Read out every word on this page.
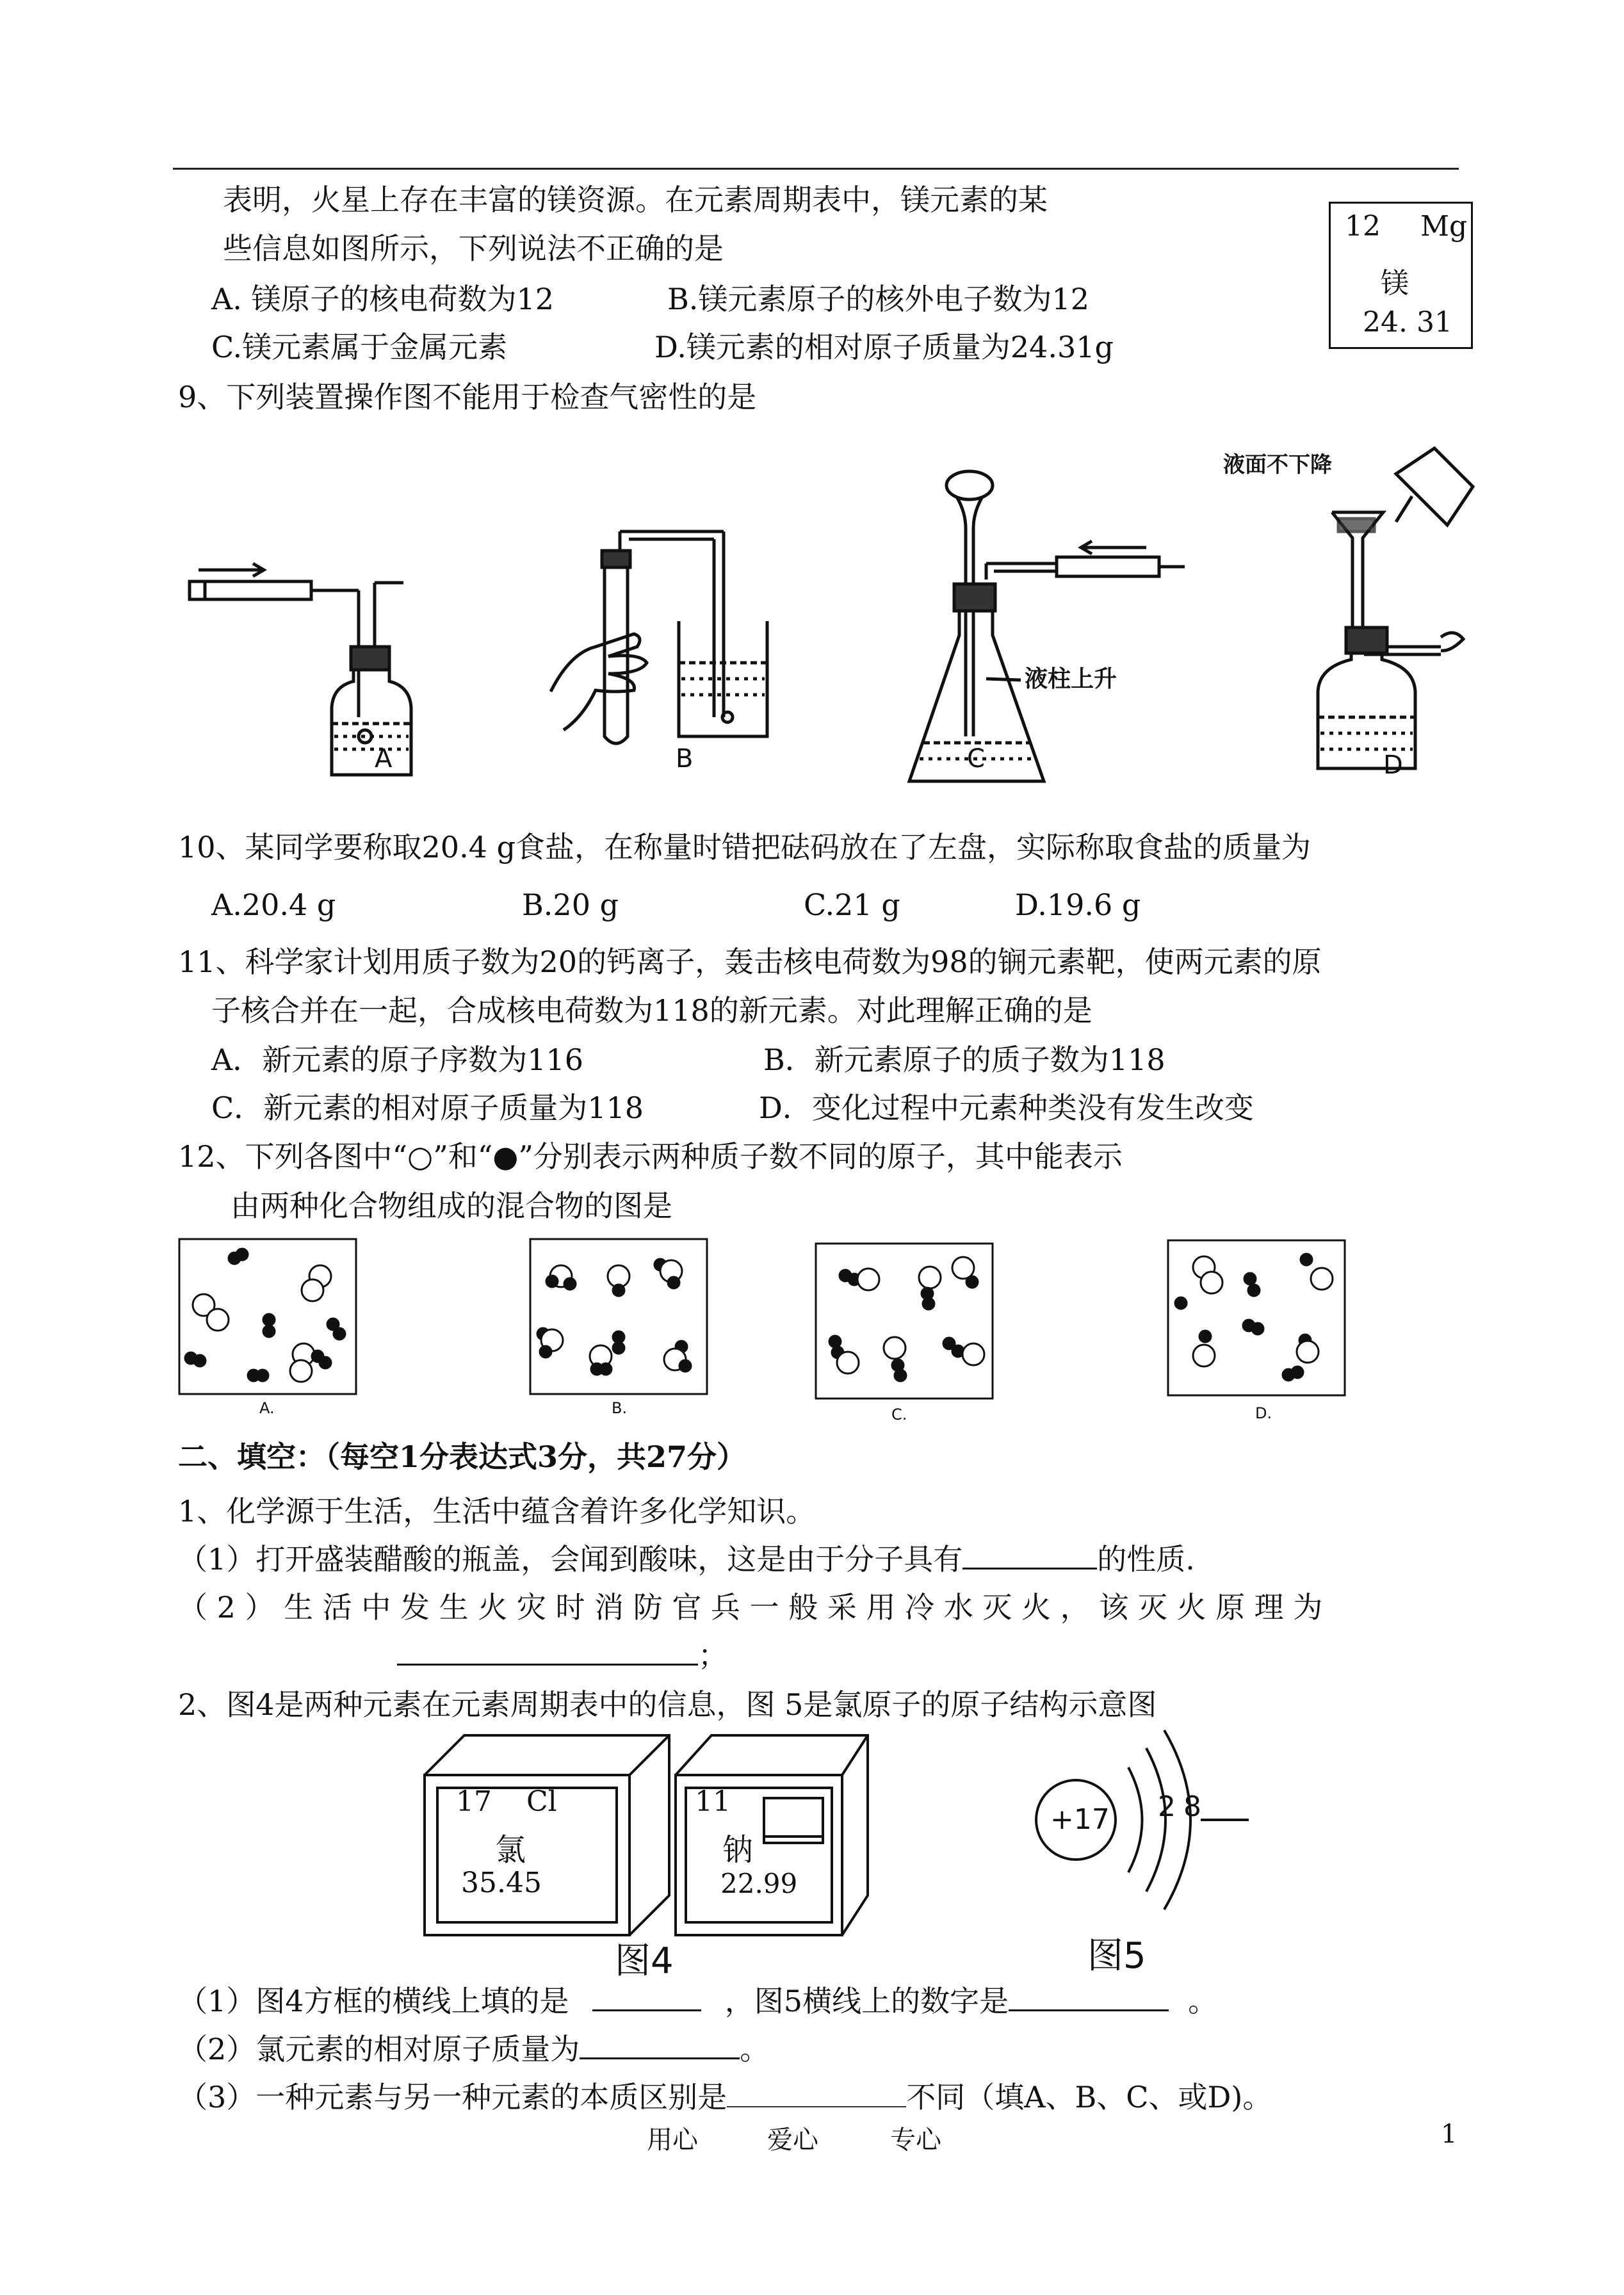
表明，火星上存在丰富的镁资源。在元素周期表中，镁元素的某
些信息如图所示，下列说法不正确的是
A. 镁原子的核电荷数为12	B.镁元素原子的核外电子数为12
C.镁元素属于金属元素	D.镁元素的相对原子质量为24.31g
12 Mg
镁
24. 31
9、下列装置操作图不能用于检查气密性的是
A	B
液柱上升
C
液面不下降
D
10、某同学要称取20.4 g食盐，在称量时错把砝码放在了左盘，实际称取食盐的质量为
A.20.4 g	B.20 g	C.21 g	D.19.6 g
11、科学家计划用质子数为20的钙离子，轰击核电荷数为98的锎元素靶，使两元素的原
子核合并在一起，合成核电荷数为118的新元素。对此理解正确的是
A．新元素的原子序数为116	B．新元素原子的质子数为118
C．新元素的相对原子质量为118	D．变化过程中元素种类没有发生改变
12、下列各图中“○”和“●”分别表示两种质子数不同的原子，其中能表示
由两种化合物组成的混合物的图是
A.	B.	C.	D.
二、填空：（每空1分表达式3分，共27分）
1、化学源于生活，生活中蕴含着许多化学知识。
（1）打开盛装醋酸的瓶盖，会闻到酸味，这是由于分子具有	的性质.
（ 2 ） 生 活 中 发 生 火 灾 时 消 防 官 兵 一 般 采 用 冷 水 灭 火 ， 该 灭 火 原 理 为
；
2、图4是两种元素在元素周期表中的信息，图 5是氯原子的原子结构示意图
17 Cl
氯
35.45
11
钠
22.99
图4
+17 2 8
图5
（1）图4方框的横线上填的是	，图5横线上的数字是	。
（2）氯元素的相对原子质量为	。
（3）一种元素与另一种元素的本质区别是	不同（填A、B、C、或D)。
用心	爱心	专心	1
